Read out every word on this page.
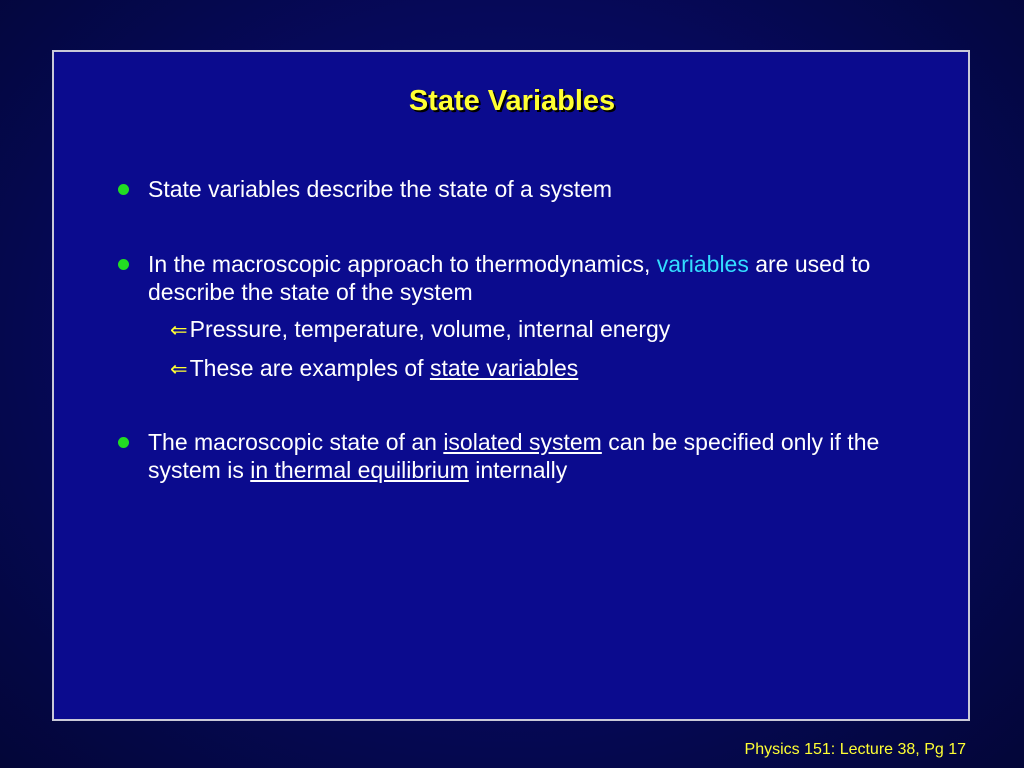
State Variables
State variables describe the state of a system
In the macroscopic approach to thermodynamics, variables are used to describe the state of the system
⇐Pressure, temperature, volume, internal energy
⇐These are examples of state variables
The macroscopic state of an isolated system can be specified only if the system is in thermal equilibrium internally
Physics 151: Lecture 38, Pg 17
